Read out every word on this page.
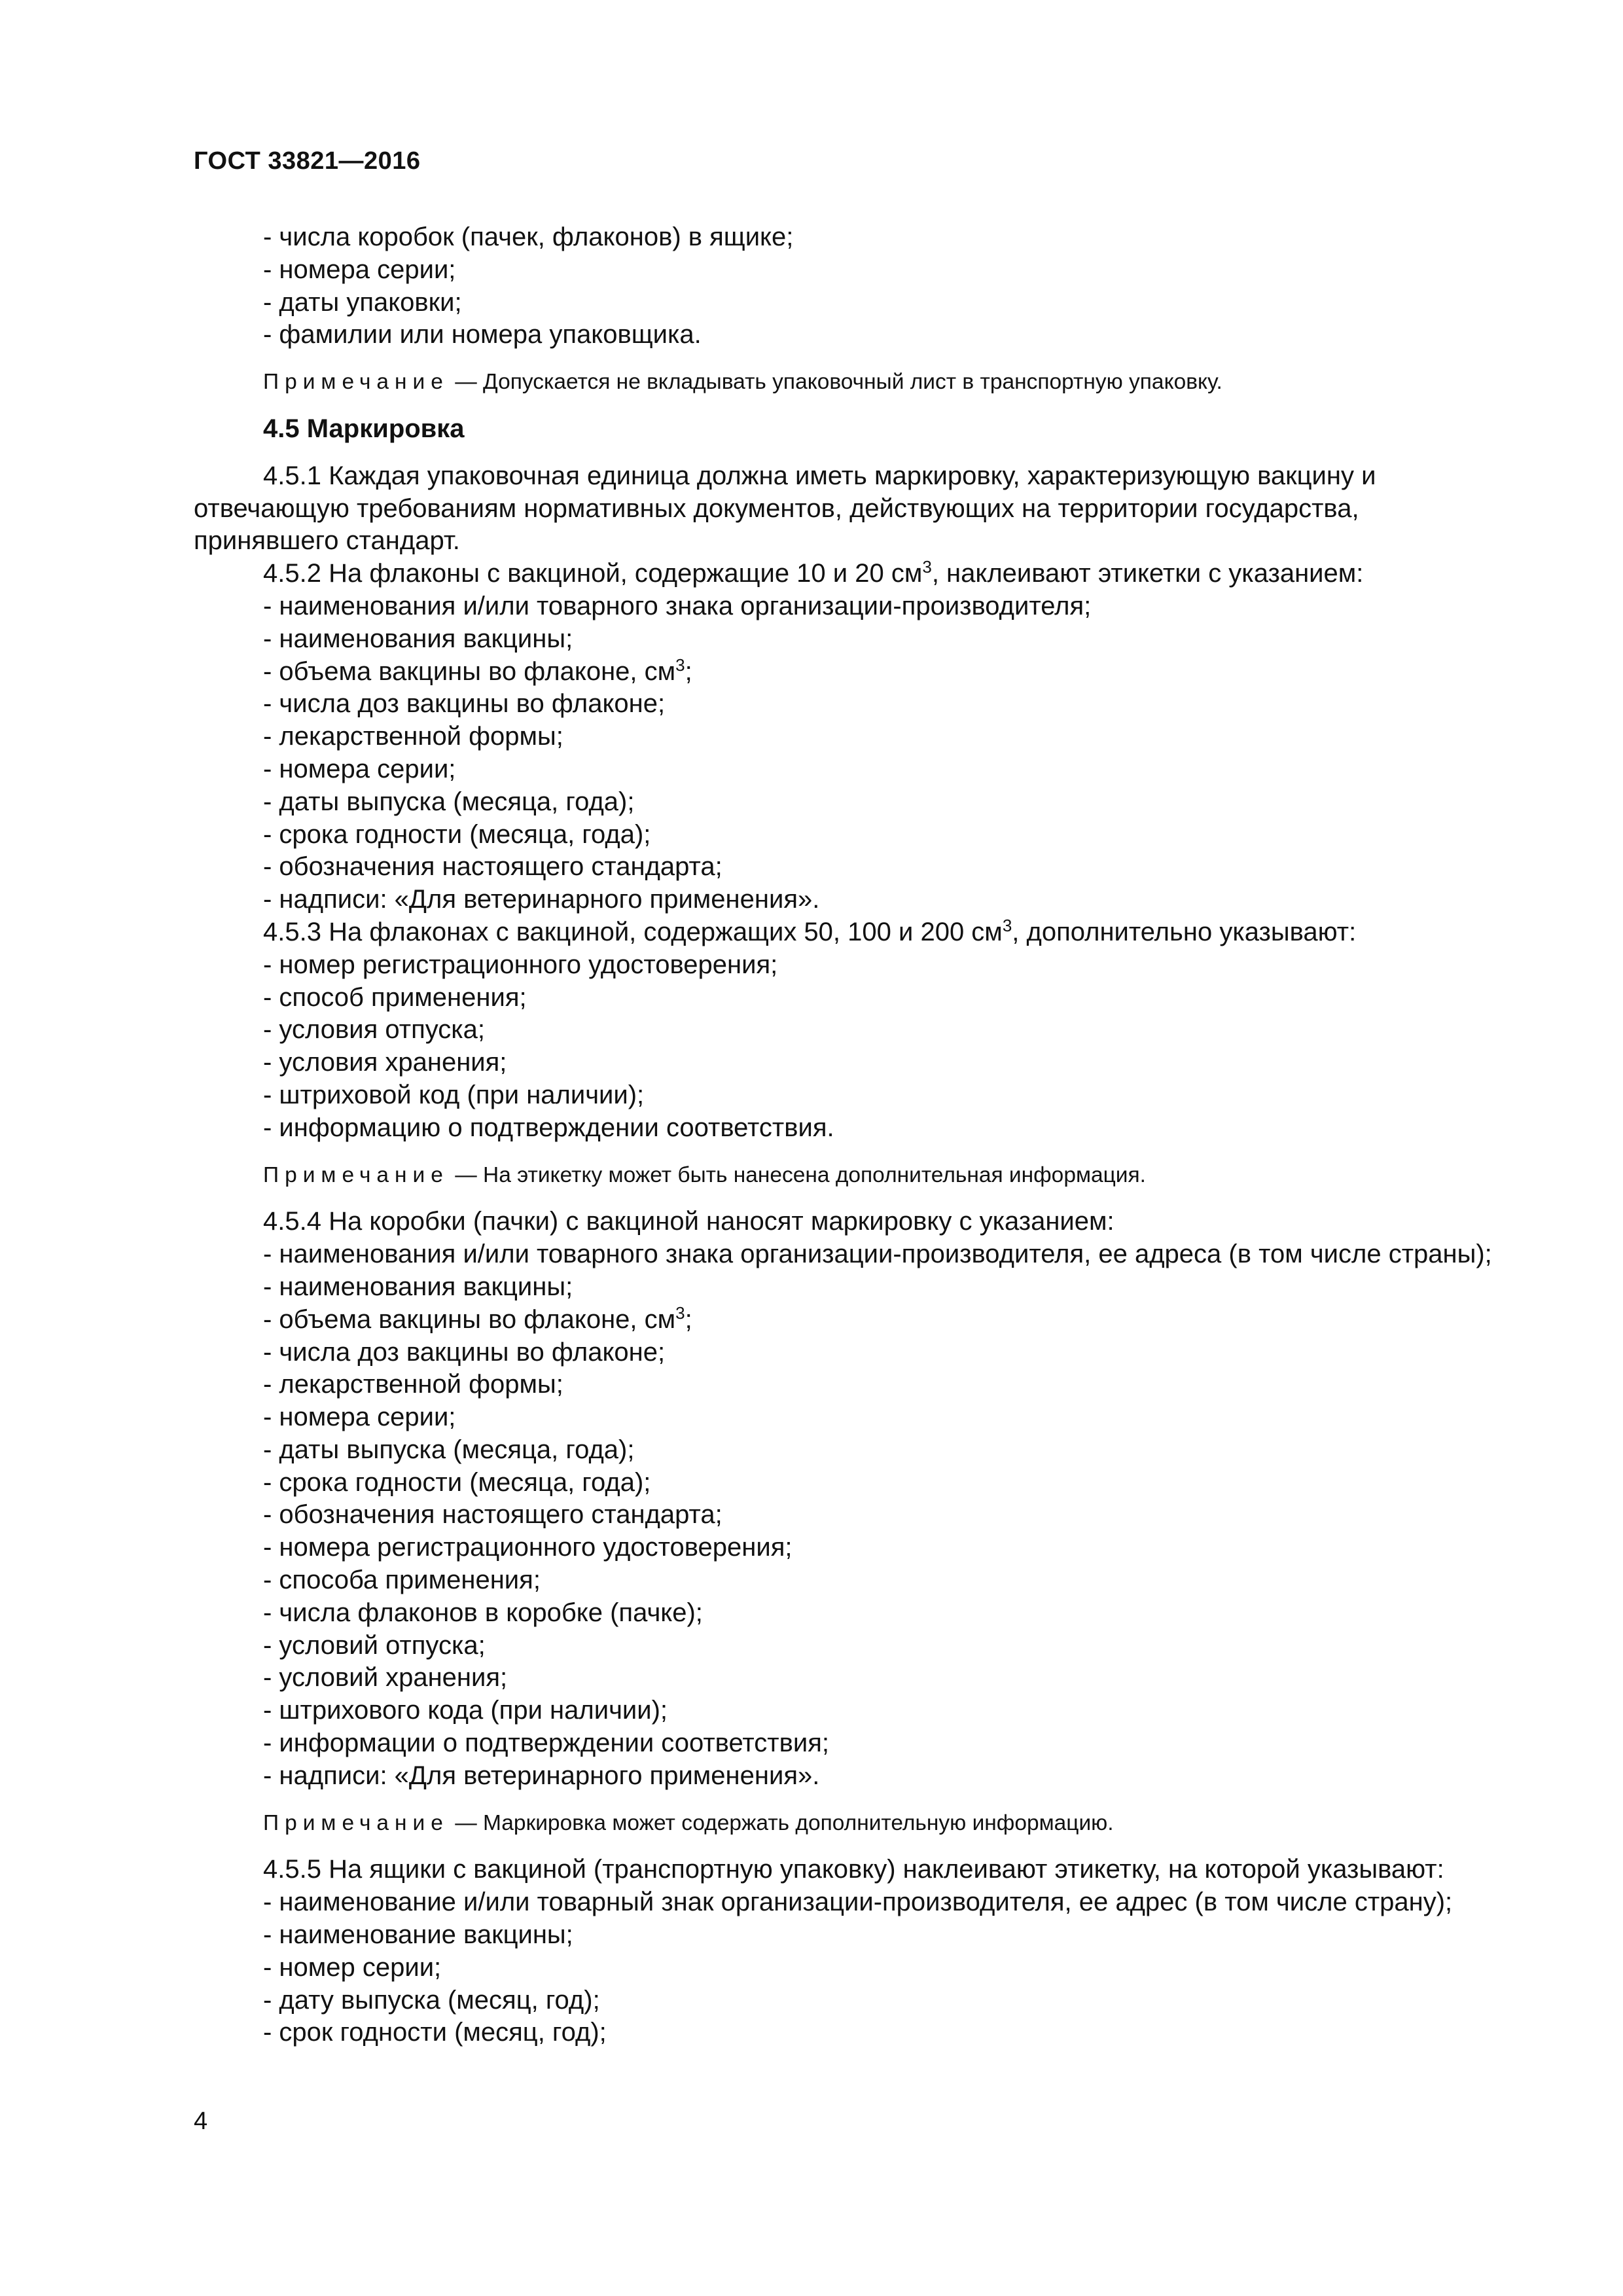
ГОСТ 33821—2016
- числа коробок (пачек, флаконов) в ящике;
- номера серии;
- даты упаковки;
- фамилии или номера упаковщика.
Примечание — Допускается не вкладывать упаковочный лист в транспортную упаковку.
4.5 Маркировка
4.5.1 Каждая упаковочная единица должна иметь маркировку, характеризующую вакцину и отвечающую требованиям нормативных документов, действующих на территории государства, принявшего стандарт.
4.5.2 На флаконы с вакциной, содержащие 10 и 20 $см^3$, наклеивают этикетки с указанием:
- наименования и/или товарного знака организации-производителя;
- наименования вакцины;
- объема вакцины во флаконе, $см^3$;
- числа доз вакцины во флаконе;
- лекарственной формы;
- номера серии;
- даты выпуска (месяца, года);
- срока годности (месяца, года);
- обозначения настоящего стандарта;
- надписи: «Для ветеринарного применения».
4.5.3 На флаконах с вакциной, содержащих 50, 100 и 200 $см^3$, дополнительно указывают:
- номер регистрационного удостоверения;
- способ применения;
- условия отпуска;
- условия хранения;
- штриховой код (при наличии);
- информацию о подтверждении соответствия.
Примечание — На этикетку может быть нанесена дополнительная информация.
4.5.4 На коробки (пачки) с вакциной наносят маркировку с указанием:
- наименования и/или товарного знака организации-производителя, ее адреса (в том числе страны);
- наименования вакцины;
- объема вакцины во флаконе, $см^3$;
- числа доз вакцины во флаконе;
- лекарственной формы;
- номера серии;
- даты выпуска (месяца, года);
- срока годности (месяца, года);
- обозначения настоящего стандарта;
- номера регистрационного удостоверения;
- способа применения;
- числа флаконов в коробке (пачке);
- условий отпуска;
- условий хранения;
- штрихового кода (при наличии);
- информации о подтверждении соответствия;
- надписи: «Для ветеринарного применения».
Примечание — Маркировка может содержать дополнительную информацию.
4.5.5 На ящики с вакциной (транспортную упаковку) наклеивают этикетку, на которой указывают:
- наименование и/или товарный знак организации-производителя, ее адрес (в том числе страну);
- наименование вакцины;
- номер серии;
- дату выпуска (месяц, год);
- срок годности (месяц, год);
4
